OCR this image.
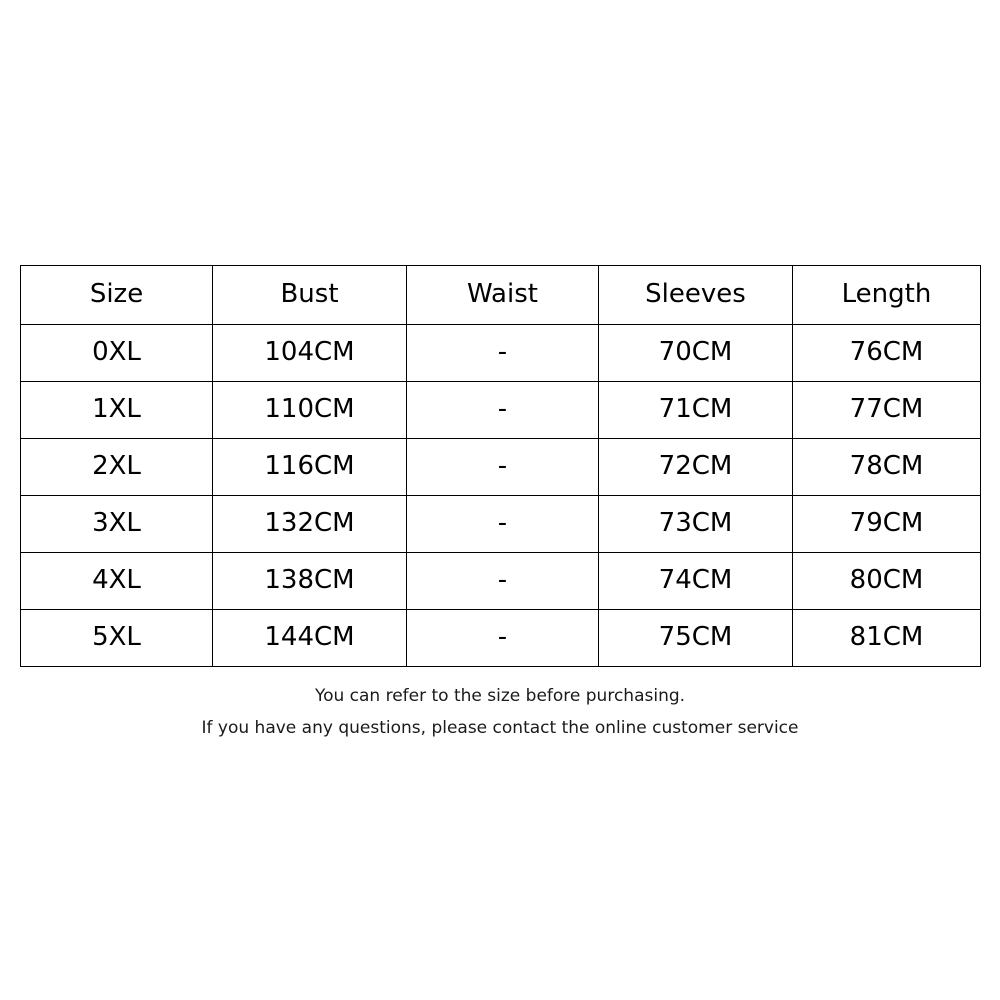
Size	Bust	Waist	Sleeves	Length
0XL	104CM	-	70CM	76CM
1XL	110CM	-	71CM	77CM
2XL	116CM	-	72CM	78CM
3XL	132CM	-	73CM	79CM
4XL	138CM	-	74CM	80CM
5XL	144CM	-	75CM	81CM
You can refer to the size before purchasing.
If you have any questions, please contact the online customer service
